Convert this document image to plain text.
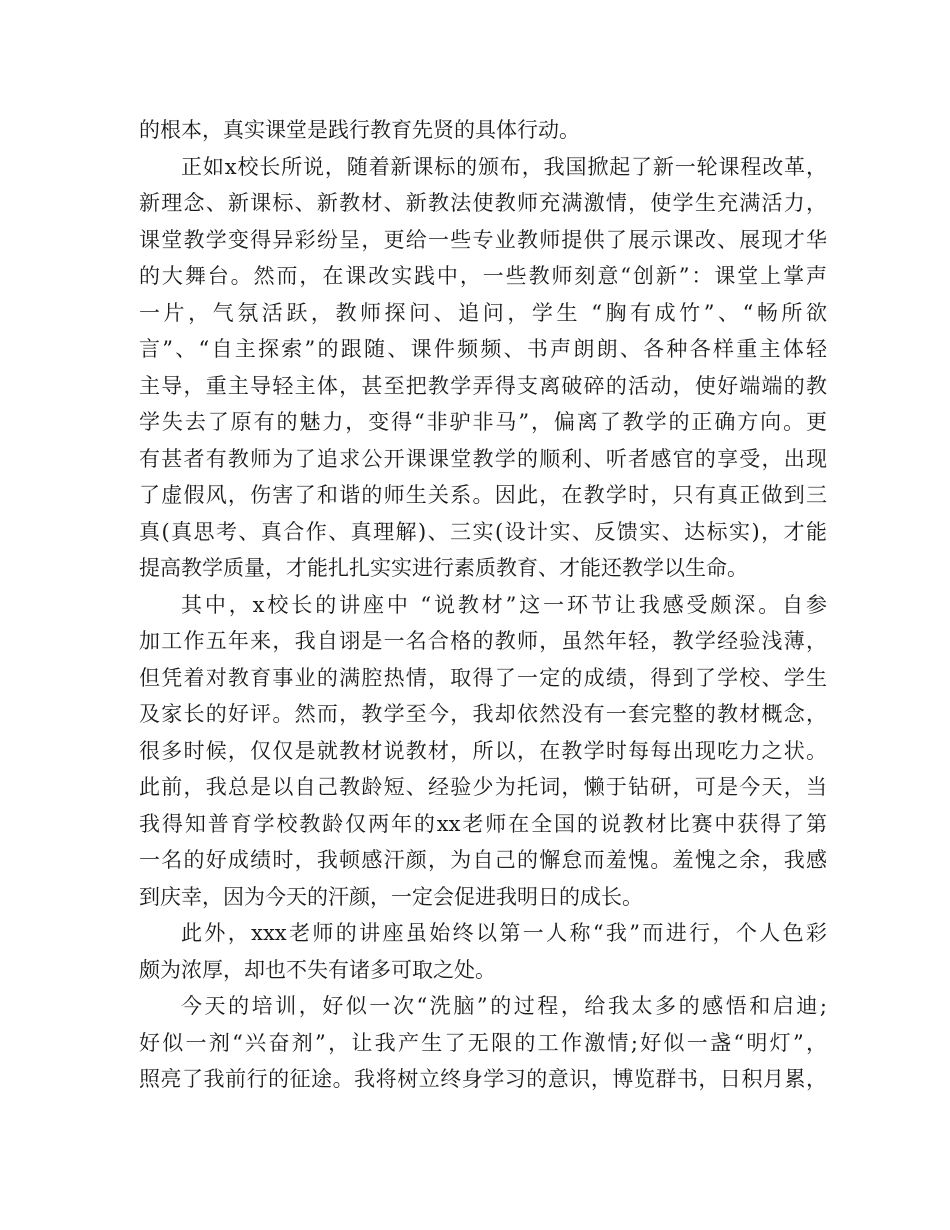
的根本，真实课堂是践行教育先贤的具体行动。
正如x校长所说，随着新课标的颁布，我国掀起了新一轮课程改革，
新理念、新课标、新教材、新教法使教师充满激情，使学生充满活力，
课堂教学变得异彩纷呈，更给一些专业教师提供了展示课改、展现才华
的大舞台。然而，在课改实践中，一些教师刻意“创新”：课堂上掌声
一片，气氛活跃，教师探问、追问，学生 “胸有成竹”、“畅所欲
言”、“自主探索”的跟随、课件频频、书声朗朗、各种各样重主体轻
主导，重主导轻主体，甚至把教学弄得支离破碎的活动，使好端端的教
学失去了原有的魅力，变得“非驴非马”，偏离了教学的正确方向。更
有甚者有教师为了追求公开课课堂教学的顺利、听者感官的享受，出现
了虚假风，伤害了和谐的师生关系。因此，在教学时，只有真正做到三
真(真思考、真合作、真理解)、三实(设计实、反馈实、达标实)，才能
提高教学质量，才能扎扎实实进行素质教育、才能还教学以生命。
其中，x校长的讲座中 “说教材”这一环节让我感受颇深。自参
加工作五年来，我自诩是一名合格的教师，虽然年轻，教学经验浅薄，
但凭着对教育事业的满腔热情，取得了一定的成绩，得到了学校、学生
及家长的好评。然而，教学至今，我却依然没有一套完整的教材概念，
很多时候，仅仅是就教材说教材，所以，在教学时每每出现吃力之状。
此前，我总是以自己教龄短、经验少为托词，懒于钻研，可是今天，当
我得知普育学校教龄仅两年的xx老师在全国的说教材比赛中获得了第
一名的好成绩时，我顿感汗颜，为自己的懈怠而羞愧。羞愧之余，我感
到庆幸，因为今天的汗颜，一定会促进我明日的成长。
此外，xxx老师的讲座虽始终以第一人称“我”而进行，个人色彩
颇为浓厚，却也不失有诸多可取之处。
今天的培训，好似一次“洗脑”的过程，给我太多的感悟和启迪;
好似一剂“兴奋剂”，让我产生了无限的工作激情;好似一盏“明灯”，
照亮了我前行的征途。我将树立终身学习的意识，博览群书，日积月累，
